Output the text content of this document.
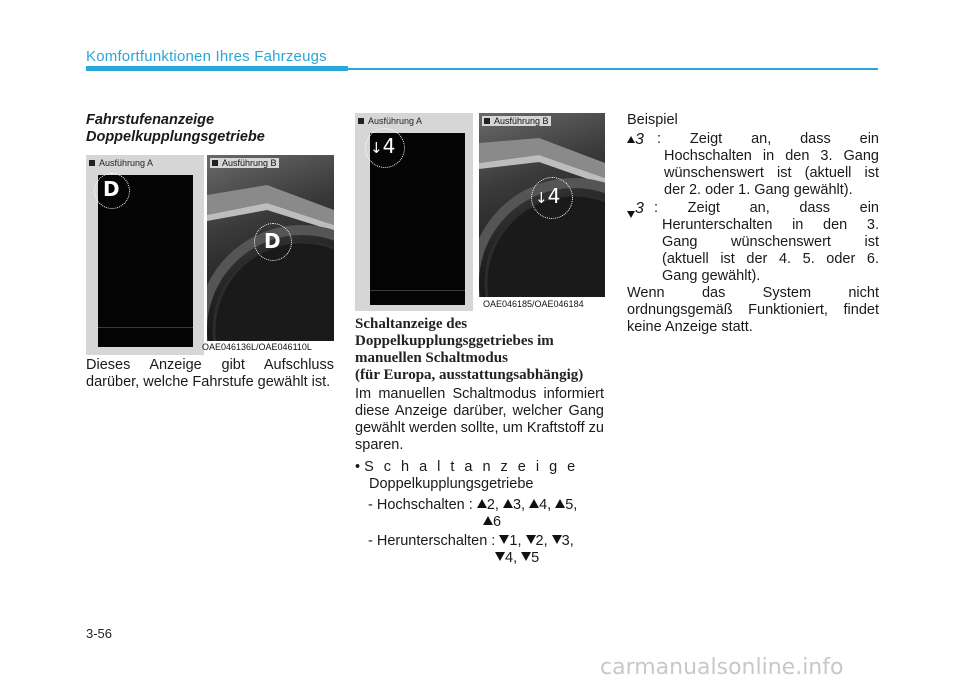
Komfortfunktionen Ihres Fahrzeugs
Fahrstufenanzeige
Doppelkupplungsgetriebe
Ausführung A
D
Ausführung B
D
OAE046136L/OAE046110L
Dieses Anzeige gibt Aufschluss darüber, welche Fahrstufe gewählt ist.
Ausführung A
↓4
Ausführung B
↓4
OAE046185/OAE046184
Schaltanzeige des
Doppelkupplungsggetriebes im
manuellen Schaltmodus
(für Europa, ausstattungsabhängig)
Im manuellen Schaltmodus informiert diese Anzeige darüber, welcher Gang gewählt werden sollte, um Kraftstoff zu sparen.
• Schaltanzeige
Doppelkupplungsgetriebe
- Hochschalten : 2, 3, 4, 5,
6
- Herunterschalten : 1, 2, 3,
4, 5
Beispiel
3 : Zeigt an, dass ein
Hochschalten in den 3. Gang
wünschenswert ist (aktuell ist
der 2. oder 1. Gang gewählt).
3 : Zeigt an, dass ein
Herunterschalten in den 3.
Gang wünschenswert ist
(aktuell ist der 4. 5. oder 6.
Gang gewählt).
Wenn das System nicht ordnungsgemäß Funktioniert, findet keine Anzeige statt.
3-56
carmanualsonline.info
